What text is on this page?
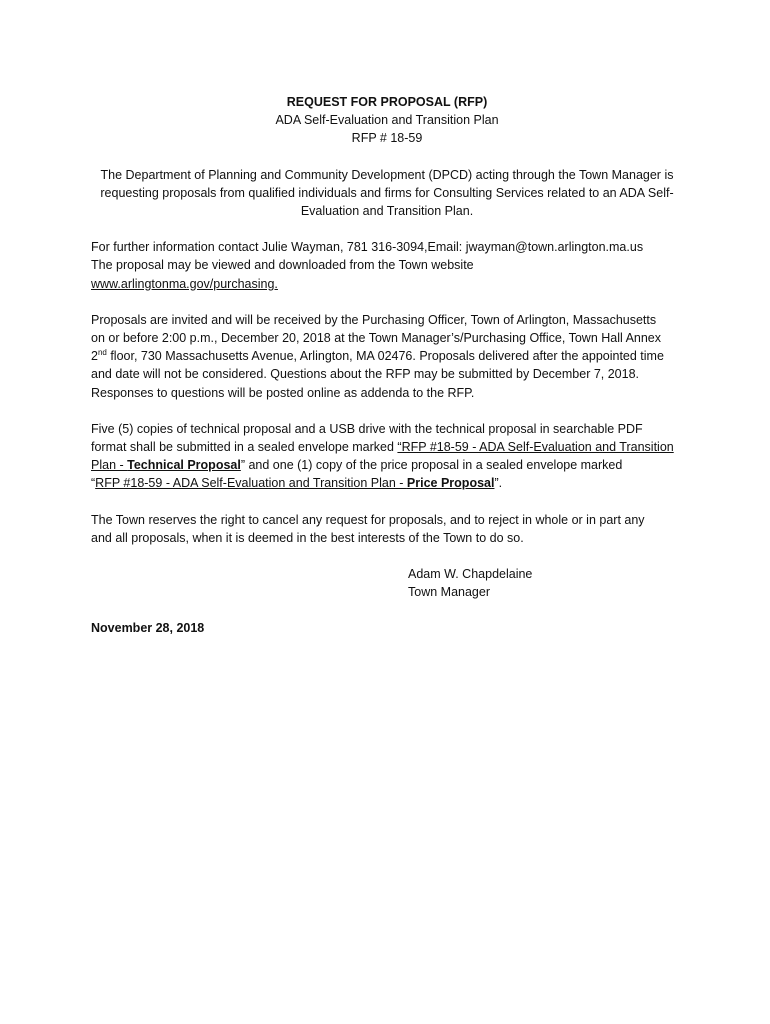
REQUEST FOR PROPOSAL (RFP)

ADA Self-Evaluation and Transition Plan

RFP # 18-59

The Department of Planning and Community Development (DPCD) acting through the Town Manager is

requesting proposals from qualified individuals and firms for Consulting Services related to an ADA Self-

Evaluation and Transition Plan.

For further information contact Julie Wayman, 781 316-3094,Email: jwayman@town.arlington.ma.us

The proposal may be viewed and downloaded from the Town website

www.arlingtonma.gov/purchasing.

Proposals are invited and will be received by the Purchasing Officer, Town of Arlington, Massachusetts

on or before 2:00 p.m., December 20, 2018 at the Town Manager’s/Purchasing Office, Town Hall Annex

2nd floor, 730 Massachusetts Avenue, Arlington, MA 02476. Proposals delivered after the appointed time

and date will not be considered. Questions about the RFP may be submitted by December 7, 2018.

Responses to questions will be posted online as addenda to the RFP.

Five (5) copies of technical proposal and a USB drive with the technical proposal in searchable PDF

format shall be submitted in a sealed envelope marked “RFP #18-59 - ADA Self-Evaluation and Transition

Plan - Technical Proposal” and one (1) copy of the price proposal in a sealed envelope marked

“RFP #18-59 - ADA Self-Evaluation and Transition Plan - Price Proposal”.

The Town reserves the right to cancel any request for proposals, and to reject in whole or in part any

and all proposals, when it is deemed in the best interests of the Town to do so.

Adam W. Chapdelaine

Town Manager

November 28, 2018
